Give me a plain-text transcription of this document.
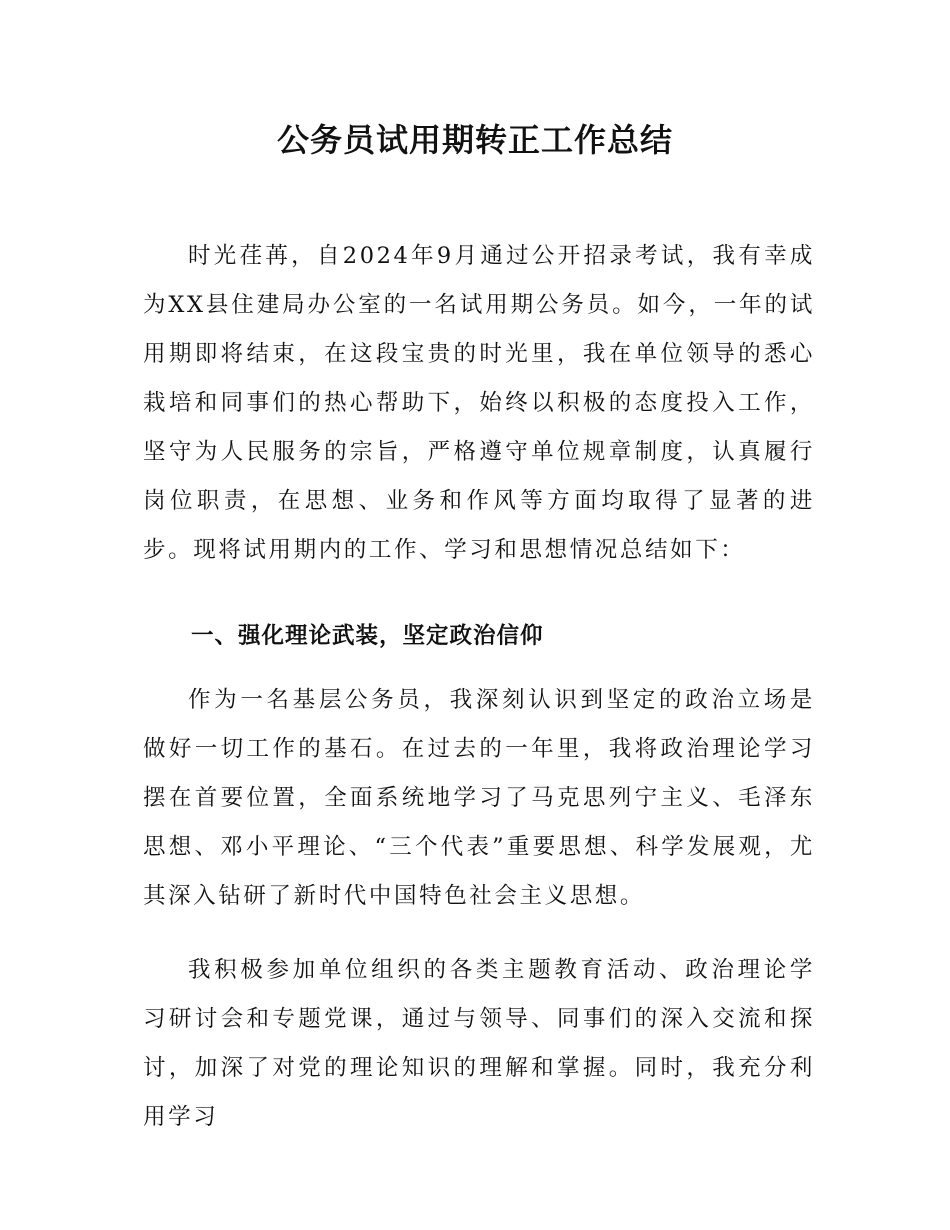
公务员试用期转正工作总结

时光荏苒，自2024年9月通过公开招录考试，我有幸成为XX县住建局办公室的一名试用期公务员。如今，一年的试用期即将结束，在这段宝贵的时光里，我在单位领导的悉心栽培和同事们的热心帮助下，始终以积极的态度投入工作，坚守为人民服务的宗旨，严格遵守单位规章制度，认真履行岗位职责，在思想、业务和作风等方面均取得了显著的进步。现将试用期内的工作、学习和思想情况总结如下：

一、强化理论武装，坚定政治信仰

作为一名基层公务员，我深刻认识到坚定的政治立场是做好一切工作的基石。在过去的一年里，我将政治理论学习摆在首要位置，全面系统地学习了马克思列宁主义、毛泽东思想、邓小平理论、“三个代表”重要思想、科学发展观，尤其深入钻研了新时代中国特色社会主义思想。

我积极参加单位组织的各类主题教育活动、政治理论学习研讨会和专题党课，通过与领导、同事们的深入交流和探讨，加深了对党的理论知识的理解和掌握。同时，我充分利用学习
